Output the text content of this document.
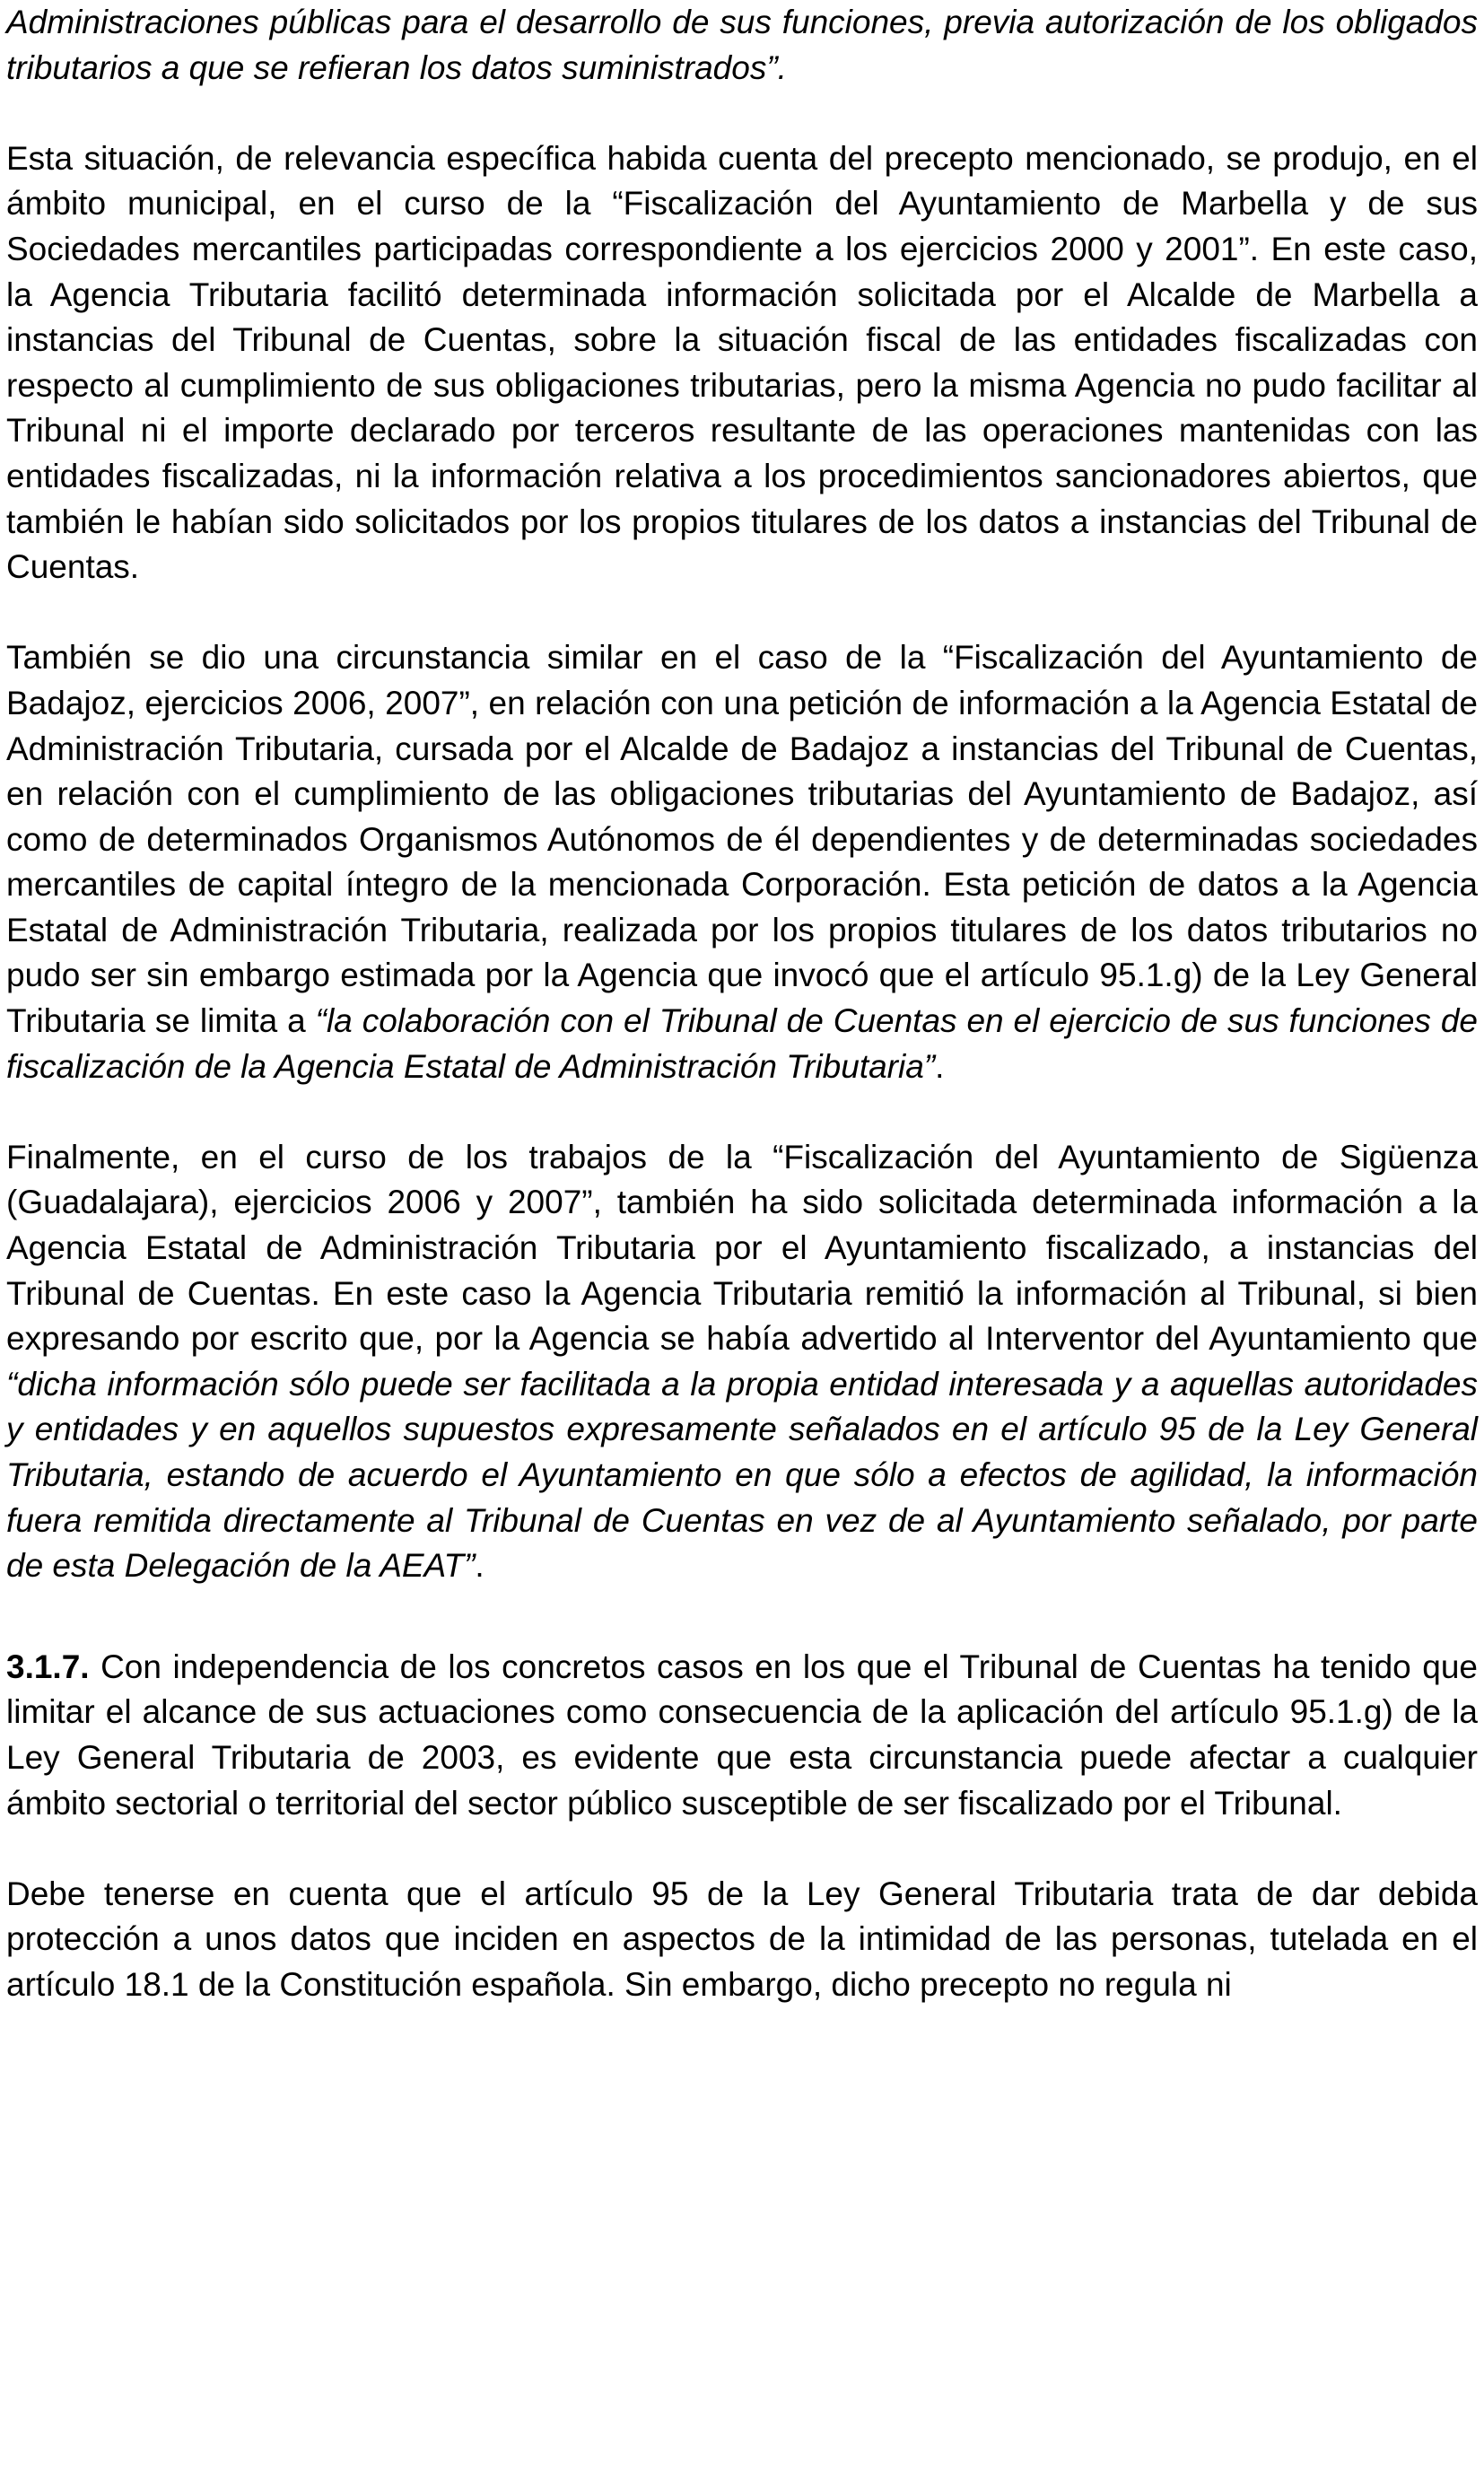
Administraciones públicas para el desarrollo de sus funciones, previa autorización de los obligados tributarios a que se refieran los datos suministrados”.

Esta situación, de relevancia específica habida cuenta del precepto mencionado, se produjo, en el ámbito municipal, en el curso de la “Fiscalización del Ayuntamiento de Marbella y de sus Sociedades mercantiles participadas correspondiente a los ejercicios 2000 y 2001”. En este caso, la Agencia Tributaria facilitó determinada información solicitada por el Alcalde de Marbella a instancias del Tribunal de Cuentas, sobre la situación fiscal de las entidades fiscalizadas con respecto al cumplimiento de sus obligaciones tributarias, pero la misma Agencia no pudo facilitar al Tribunal ni el importe declarado por terceros resultante de las operaciones mantenidas con las entidades fiscalizadas, ni la información relativa a los procedimientos sancionadores abiertos, que también le habían sido solicitados por los propios titulares de los datos a instancias del Tribunal de Cuentas.

También se dio una circunstancia similar en el caso de la “Fiscalización del Ayuntamiento de Badajoz, ejercicios 2006, 2007”, en relación con una petición de información a la Agencia Estatal de Administración Tributaria, cursada por el Alcalde de Badajoz a instancias del Tribunal de Cuentas, en relación con el cumplimiento de las obligaciones tributarias del Ayuntamiento de Badajoz, así como de determinados Organismos Autónomos de él dependientes y de determinadas sociedades mercantiles de capital íntegro de la mencionada Corporación. Esta petición de datos a la Agencia Estatal de Administración Tributaria, realizada por los propios titulares de los datos tributarios no pudo ser sin embargo estimada por la Agencia que invocó que el artículo 95.1.g) de la Ley General Tributaria se limita a “la colaboración con el Tribunal de Cuentas en el ejercicio de sus funciones de fiscalización de la Agencia Estatal de Administración Tributaria”.

Finalmente, en el curso de los trabajos de la “Fiscalización del Ayuntamiento de Sigüenza (Guadalajara), ejercicios 2006 y 2007”, también ha sido solicitada determinada información a la Agencia Estatal de Administración Tributaria por el Ayuntamiento fiscalizado, a instancias del Tribunal de Cuentas. En este caso la Agencia Tributaria remitió la información al Tribunal, si bien expresando por escrito que, por la Agencia se había advertido al Interventor del Ayuntamiento que “dicha información sólo puede ser facilitada a la propia entidad interesada y a aquellas autoridades y entidades y en aquellos supuestos expresamente señalados en el artículo 95 de la Ley General Tributaria, estando de acuerdo el Ayuntamiento en que sólo a efectos de agilidad, la información fuera remitida directamente al Tribunal de Cuentas en vez de al Ayuntamiento señalado, por parte de esta Delegación de la AEAT”.

3.1.7. Con independencia de los concretos casos en los que el Tribunal de Cuentas ha tenido que limitar el alcance de sus actuaciones como consecuencia de la aplicación del artículo 95.1.g) de la Ley General Tributaria de 2003, es evidente que esta circunstancia puede afectar a cualquier ámbito sectorial o territorial del sector público susceptible de ser fiscalizado por el Tribunal.

Debe tenerse en cuenta que el artículo 95 de la Ley General Tributaria trata de dar debida protección a unos datos que inciden en aspectos de la intimidad de las personas, tutelada en el artículo 18.1 de la Constitución española. Sin embargo, dicho precepto no regula ni
